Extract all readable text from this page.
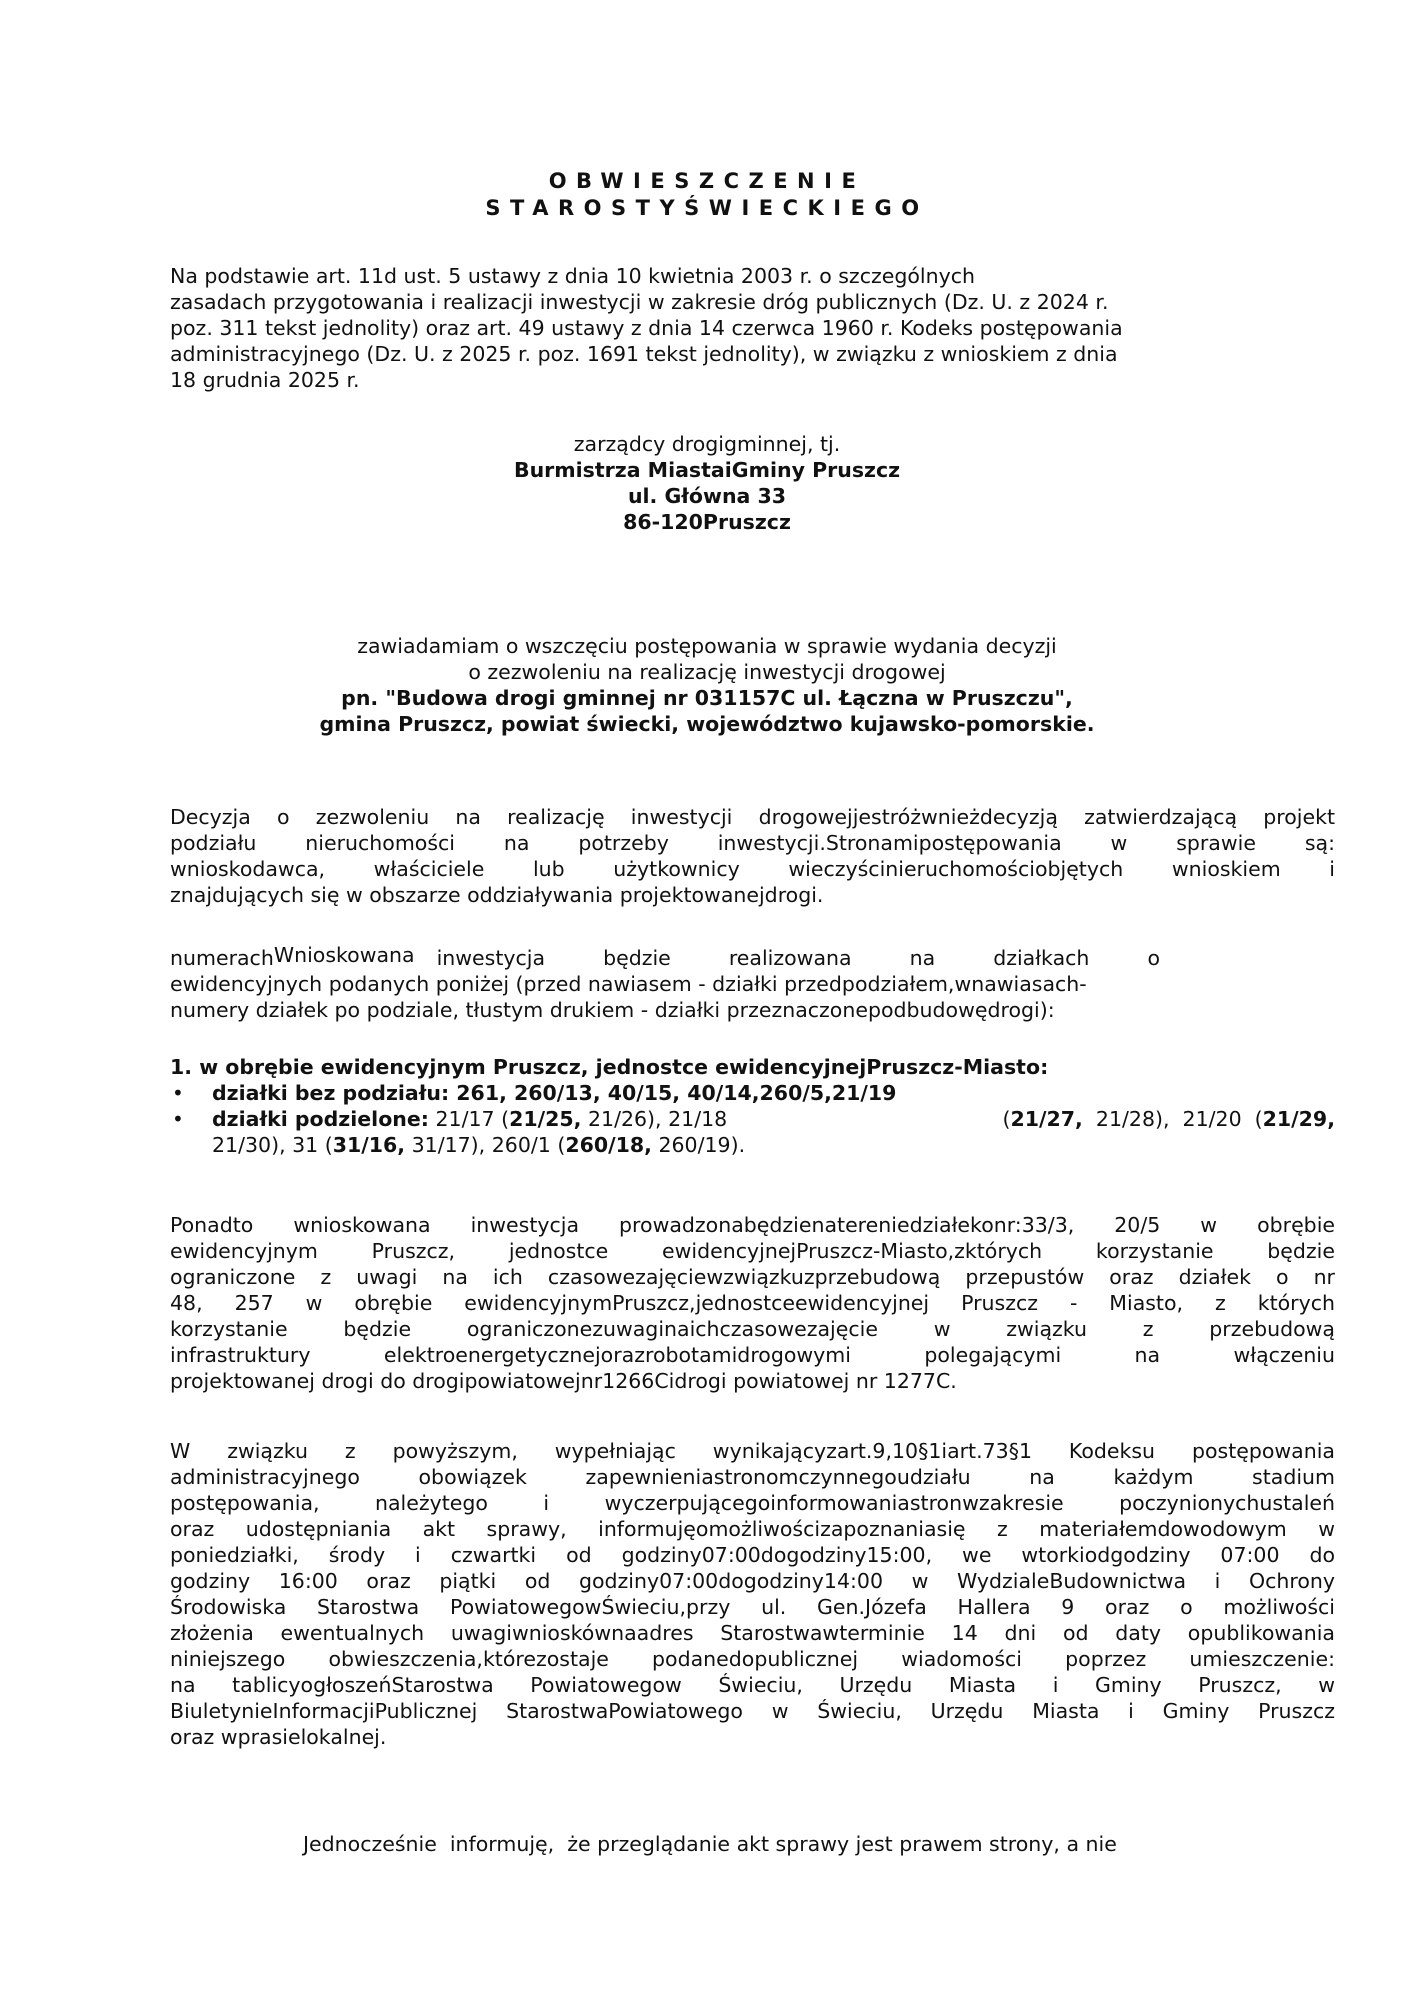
OBWIESZCZENIE
STAROSTYŚWIECKIEGO
Na podstawie art. 11d ust. 5 ustawy z dnia 10 kwietnia 2003 r. o szczególnych
zasadach przygotowania i realizacji inwestycji w zakresie dróg publicznych (Dz. U. z 2024 r.
poz. 311 tekst jednolity) oraz art. 49 ustawy z dnia 14 czerwca 1960 r. Kodeks postępowania
administracyjnego (Dz. U. z 2025 r. poz. 1691 tekst jednolity), w związku z wnioskiem z dnia
18 grudnia 2025 r.
zarządcy drogigminnej, tj.
Burmistrza MiastaiGminy Pruszcz
ul. Główna 33
86-120Pruszcz
zawiadamiam o wszczęciu postępowania w sprawie wydania decyzji
o zezwoleniu na realizację inwestycji drogowej
pn. "Budowa drogi gminnej nr 031157C ul. Łączna w Pruszczu",
gmina Pruszcz, powiat świecki, województwo kujawsko-pomorskie.
Decyzja o zezwoleniu na realizację inwestycji drogowejjestróżwnieżdecyzją zatwierdzającą projekt
podziału nieruchomości na potrzeby inwestycji.Stronamipostępowania w sprawie są:
wnioskodawca, właściciele lub użytkownicy wieczyścinieruchomościobjętych wnioskiem i
znajdujących się w obszarze oddziaływania projektowanejdrogi.
numerach Wnioskowana inwestycja będzie realizowana na działkach o
ewidencyjnych podanych poniżej (przed nawiasem - działki przedpodziałem,wnawiasach-
numery działek po podziale, tłustym drukiem - działki przeznaczonepodbudowędrogi):
1. w obrębie ewidencyjnym Pruszcz, jednostce ewidencyjnejPruszcz-Miasto:
• działki bez podziału: 261, 260/13, 40/15, 40/14,260/5,21/19
• działki podzielone: 21/17 (21/25, 21/26), 21/18	(21/27, 21/28), 21/20  (21/29,
21/30), 31 (31/16, 31/17), 260/1 (260/18, 260/19).
Ponadto wnioskowana inwestycja prowadzonabędzienatereniedziałekonr:33/3, 20/5 w obrębie
ewidencyjnym Pruszcz, jednostce ewidencyjnejPruszcz-Miasto,zktórych korzystanie będzie
ograniczone z uwagi na ich czasowezajęciewzwiązkuzprzebudową przepustów oraz działek o nr
48, 257 w obrębie ewidencyjnymPruszcz,jednostceewidencyjnej Pruszcz - Miasto, z których
korzystanie będzie ograniczonezuwaginaichczasowezajęcie w związku z przebudową
infrastruktury elektroenergetycznejorazrobotamidrogowymi polegającymi na włączeniu
projektowanej drogi do drogipowiatowejnr1266Cidrogi powiatowej nr 1277C.
W związku z powyższym, wypełniając wynikającyzart.9,10§1iart.73§1 Kodeksu postępowania
administracyjnego obowiązek zapewnieniastronomczynnegoudziału na każdym stadium
postępowania, należytego i wyczerpującegoinformowaniastronwzakresie poczynionychustaleń
oraz udostępniania akt sprawy, informujęomożliwościzapoznaniasię z materiałemdowodowym w
poniedziałki, środy i czwartki od godziny07:00dogodziny15:00, we wtorkiodgodziny 07:00 do
godziny 16:00 oraz piątki od godziny07:00dogodziny14:00 w WydzialeBudownictwa i Ochrony
Środowiska Starostwa PowiatowegowŚwieciu,przy ul. Gen.Józefa Hallera 9 oraz o możliwości
złożenia ewentualnych uwagiwnioskównaadres Starostwawterminie 14 dni od daty opublikowania
niniejszego obwieszczenia,którezostaje podanedopublicznej wiadomości poprzez umieszczenie:
na tablicyogłoszeńStarostwa Powiatowegow Świeciu, Urzędu Miasta i Gminy Pruszcz, w
BiuletynieInformacjiPublicznej StarostwaPowiatowego w Świeciu, Urzędu Miasta i Gminy Pruszcz
oraz wprasielokalnej.
Jednocześnie  informuję,  że przeglądanie akt sprawy jest prawem strony, a nie
